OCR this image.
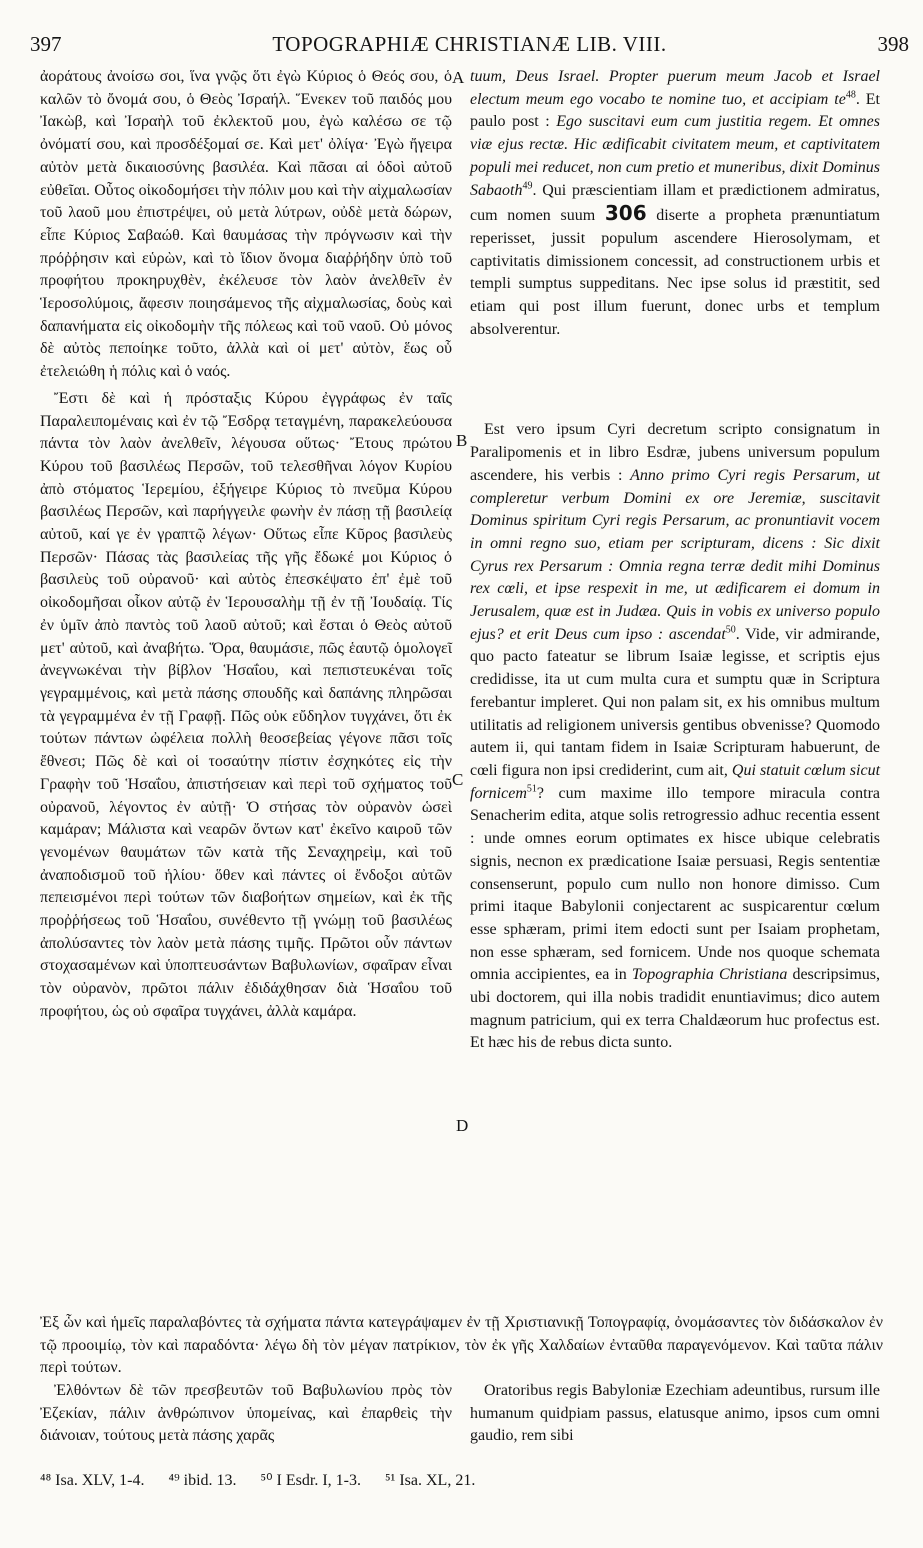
397	TOPOGRAPHIÆ CHRISTIANÆ LIB. VIII.	398
A
B
C
D

ἀοράτους ἀνοίσω σοι, ἵνα γνῷς ὅτι ἐγὼ Κύριος ὁ Θεός σου, ὁ καλῶν τὸ ὄνομά σου, ὁ Θεὸς Ἰσραήλ. Ἕνεκεν τοῦ παιδός μου Ἰακὼβ, καὶ Ἰσραὴλ τοῦ ἐκλεκτοῦ μου, ἐγὼ καλέσω σε τῷ ὀνόματί σου, καὶ προσδέξομαί σε. Καὶ μετ' ὀλίγα· Ἐγὼ ἤγειρα αὐτὸν μετὰ δικαιοσύνης βασιλέα. Καὶ πᾶσαι αἱ ὁδοὶ αὐτοῦ εὐθεῖαι. Οὗτος οἰκοδομήσει τὴν πόλιν μου καὶ τὴν αἰχμαλωσίαν τοῦ λαοῦ μου ἐπιστρέψει, οὐ μετὰ λύτρων, οὐδὲ μετὰ δώρων, εἶπε Κύριος Σαβαώθ. Καὶ θαυμάσας τὴν πρόγνωσιν καὶ τὴν πρόῤῥησιν καὶ εὑρὼν, καὶ τὸ ἴδιον ὄνομα διαῤῥήδην ὑπὸ τοῦ προφήτου προκηρυχθὲν, ἐκέλευσε τὸν λαὸν ἀνελθεῖν ἐν Ἱεροσολύμοις, ἄφεσιν ποιησάμενος τῆς αἰχμαλωσίας, δοὺς καὶ δαπανήματα εἰς οἰκοδομὴν τῆς πόλεως καὶ τοῦ ναοῦ. Οὐ μόνος δὲ αὐτὸς πεποίηκε τοῦτο, ἀλλὰ καὶ οἱ μετ' αὐτὸν, ἕως οὗ ἐτελειώθη ἡ πόλις καὶ ὁ ναός.

Ἔστι δὲ καὶ ἡ πρόσταξις Κύρου ἐγγράφως ἐν ταῖς Παραλειπομέναις καὶ ἐν τῷ Ἔσδρᾳ τεταγμένη, παρακελεύουσα πάντα τὸν λαὸν ἀνελθεῖν, λέγουσα οὕτως· Ἔτους πρώτου Κύρου τοῦ βασιλέως Περσῶν, τοῦ τελεσθῆναι λόγον Κυρίου ἀπὸ στόματος Ἱερεμίου, ἐξήγειρε Κύριος τὸ πνεῦμα Κύρου βασιλέως Περσῶν, καὶ παρήγγειλε φωνὴν ἐν πάσῃ τῇ βασιλείᾳ αὐτοῦ, καί γε ἐν γραπτῷ λέγων· Οὕτως εἶπε Κῦρος βασιλεὺς Περσῶν· Πάσας τὰς βασιλείας τῆς γῆς ἔδωκέ μοι Κύριος ὁ βασιλεὺς τοῦ οὐρανοῦ· καὶ αὐτὸς ἐπεσκέψατο ἐπ' ἐμὲ τοῦ οἰκοδομῆσαι οἶκον αὐτῷ ἐν Ἱερουσαλὴμ τῇ ἐν τῇ Ἰουδαίᾳ. Τίς ἐν ὑμῖν ἀπὸ παντὸς τοῦ λαοῦ αὐτοῦ; καὶ ἔσται ὁ Θεὸς αὐτοῦ μετ' αὐτοῦ, καὶ ἀναβήτω. Ὅρα, θαυμάσιε, πῶς ἑαυτῷ ὁμολογεῖ ἀνεγνωκέναι τὴν βίβλον Ἡσαΐου, καὶ πεπιστευκέναι τοῖς γεγραμμένοις, καὶ μετὰ πάσης σπουδῆς καὶ δαπάνης πληρῶσαι τὰ γεγραμμένα ἐν τῇ Γραφῇ. Πῶς οὐκ εὔδηλον τυγχάνει, ὅτι ἐκ τούτων πάντων ὠφέλεια πολλὴ θεοσεβείας γέγονε πᾶσι τοῖς ἔθνεσι; Πῶς δὲ καὶ οἱ τοσαύτην πίστιν ἐσχηκότες εἰς τὴν Γραφὴν τοῦ Ἡσαΐου, ἀπιστήσειαν καὶ περὶ τοῦ σχήματος τοῦ οὐρανοῦ, λέγοντος ἐν αὐτῇ· Ὁ στήσας τὸν οὐρανὸν ὡσεὶ καμάραν; Μάλιστα καὶ νεαρῶν ὄντων κατ' ἐκεῖνο καιροῦ τῶν γενομένων θαυμάτων τῶν κατὰ τῆς Σεναχηρεὶμ, καὶ τοῦ ἀναποδισμοῦ τοῦ ἡλίου· ὅθεν καὶ πάντες οἱ ἔνδοξοι αὐτῶν πεπεισμένοι περὶ τούτων τῶν διαβοήτων σημείων, καὶ ἐκ τῆς προῤῥήσεως τοῦ Ἡσαΐου, συνέθεντο τῇ γνώμῃ τοῦ βασιλέως ἀπολύσαντες τὸν λαὸν μετὰ πάσης τιμῆς. Πρῶτοι οὖν πάντων στοχασαμένων καὶ ὑποπτευσάντων Βαβυλωνίων, σφαῖραν εἶναι τὸν οὐρανὸν, πρῶτοι πάλιν ἐδιδάχθησαν διὰ Ἡσαΐου τοῦ προφήτου, ὡς οὐ σφαῖρα τυγχάνει, ἀλλὰ καμάρα.

tuum, Deus Israel. Propter puerum meum Jacob et Israel electum meum ego vocabo te nomine tuo, et accipiam $te^{48}$. Et paulo post : Ego suscitavi eum cum justitia regem. Et omnes viæ ejus rectæ. Hic ædificabit civitatem meum, et captivitatem populi mei reducet, non cum pretio et muneribus, dixit Dominus Sabaoth$^{49}$. Qui præscientiam illam et prædictionem admiratus, cum nomen suum 306 diserte a propheta prænuntiatum reperisset, jussit populum ascendere Hierosolymam, et captivitatis dimissionem concessit, ad constructionem urbis et templi sumptus suppeditans. Nec ipse solus id præstitit, sed etiam qui post illum fuerunt, donec urbs et templum absolverentur.

Est vero ipsum Cyri decretum scripto consignatum in Paralipomenis et in libro Esdræ, jubens universum populum ascendere, his verbis : Anno primo Cyri regis Persarum, ut compleretur verbum Domini ex ore Jeremiæ, suscitavit Dominus spiritum Cyri regis Persarum, ac pronuntiavit vocem in omni regno suo, etiam per scripturam, dicens : Sic dixit Cyrus rex Persarum : Omnia regna terræ dedit mihi Dominus rex cœli, et ipse respexit in me, ut ædificarem ei domum in Jerusalem, quæ est in Judæa. Quis in vobis ex universo populo ejus? et erit Deus cum ipso : ascendat$^{50}$. Vide, vir admirande, quo pacto fateatur se librum Isaiæ legisse, et scriptis ejus credidisse, ita ut cum multa cura et sumptu quæ in Scriptura ferebantur impleret. Qui non palam sit, ex his omnibus multum utilitatis ad religionem universis gentibus obvenisse? Quomodo autem ii, qui tantam fidem in Isaiæ Scripturam habuerunt, de cœli figura non ipsi crediderint, cum ait, Qui statuit cœlum sicut fornicem$^{51}$? cum maxime illo tempore miracula contra Senacherim edita, atque solis retrogressio adhuc recentia essent : unde omnes eorum optimates ex hisce ubique celebratis signis, necnon ex prædicatione Isaiæ persuasi, Regis sententiæ consenserunt, populo cum nullo non honore dimisso. Cum primi itaque Babylonii conjectarent ac suspicarentur cœlum esse sphæram, primi item edocti sunt per Isaiam prophetam, non esse sphæram, sed fornicem. Unde nos quoque schemata omnia accipientes, ea in Topographia Christiana descripsimus, ubi doctorem, qui illa nobis tradidit enuntiavimus; dico autem magnum patricium, qui ex terra Chaldæorum huc profectus est. Et hæc his de rebus dicta sunto.

Ἐξ ὧν καὶ ἡμεῖς παραλαβόντες τὰ σχήματα πάντα κατεγράψαμεν ἐν τῇ Χριστιανικῇ Τοπογραφίᾳ, ὀνομάσαντες τὸν διδάσκαλον ἐν τῷ προοιμίῳ, τὸν καὶ παραδόντα· λέγω δὴ τὸν μέγαν πατρίκιον, τὸν ἐκ γῆς Χαλδαίων ἐνταῦθα παραγενόμενον. Καὶ ταῦτα πάλιν περὶ τούτων.
Ἐλθόντων δὲ τῶν πρεσβευτῶν τοῦ Βαβυλωνίου πρὸς τὸν Ἐζεκίαν, πάλιν ἀνθρώπινον ὑπομείνας, καὶ ἐπαρθεὶς τὴν διάνοιαν, τούτους μετὰ πάσης χαρᾶς
Oratoribus regis Babyloniæ Ezechiam adeuntibus, rursum ille humanum quidpiam passus, elatusque animo, ipsos cum omni gaudio, rem sibi
⁴⁸ Isa. XLV, 1-4. ⁴⁹ ibid. 13. ⁵⁰ I Esdr. I, 1-3. ⁵¹ Isa. XL, 21.
